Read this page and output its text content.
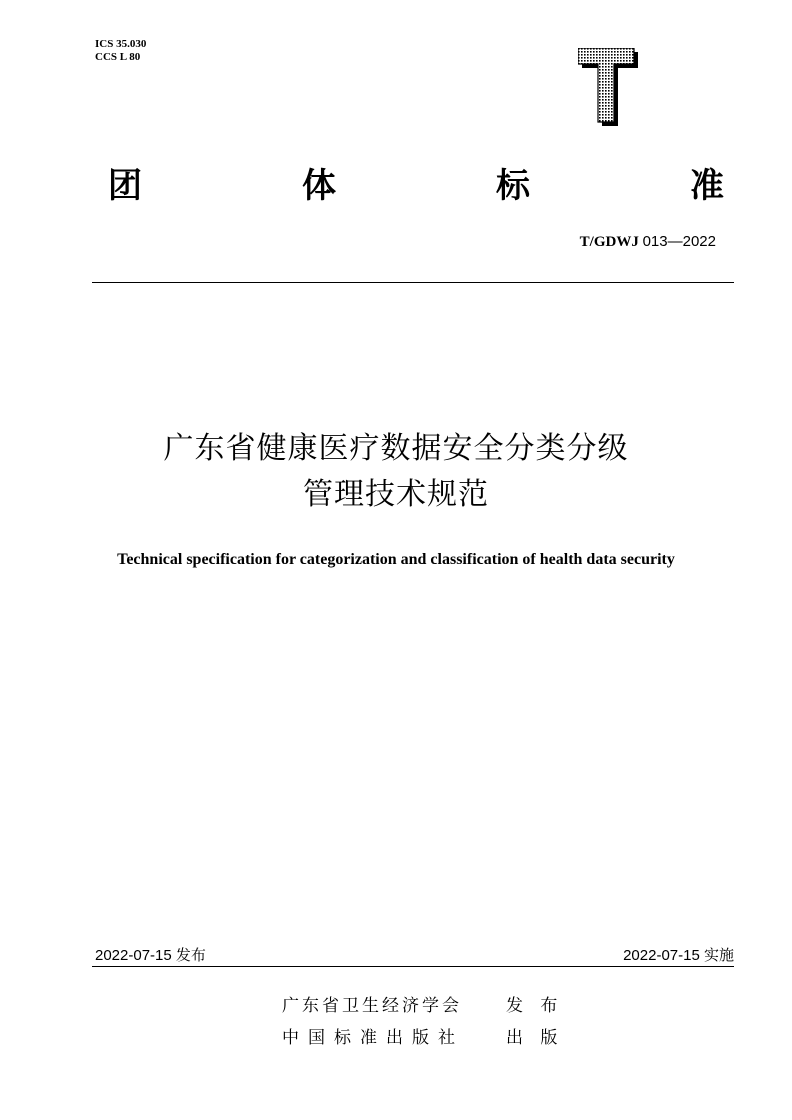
ICS 35.030
CCS L 80
团	体	标	准
T/GDWJ 013—2022
广东省健康医疗数据安全分类分级
管理技术规范
Technical specification for categorization and classification of health data security
2022-07-15 发布	2022-07-15 实施
广东省卫生经济学会	发 布
中国标准出版社 出 版
